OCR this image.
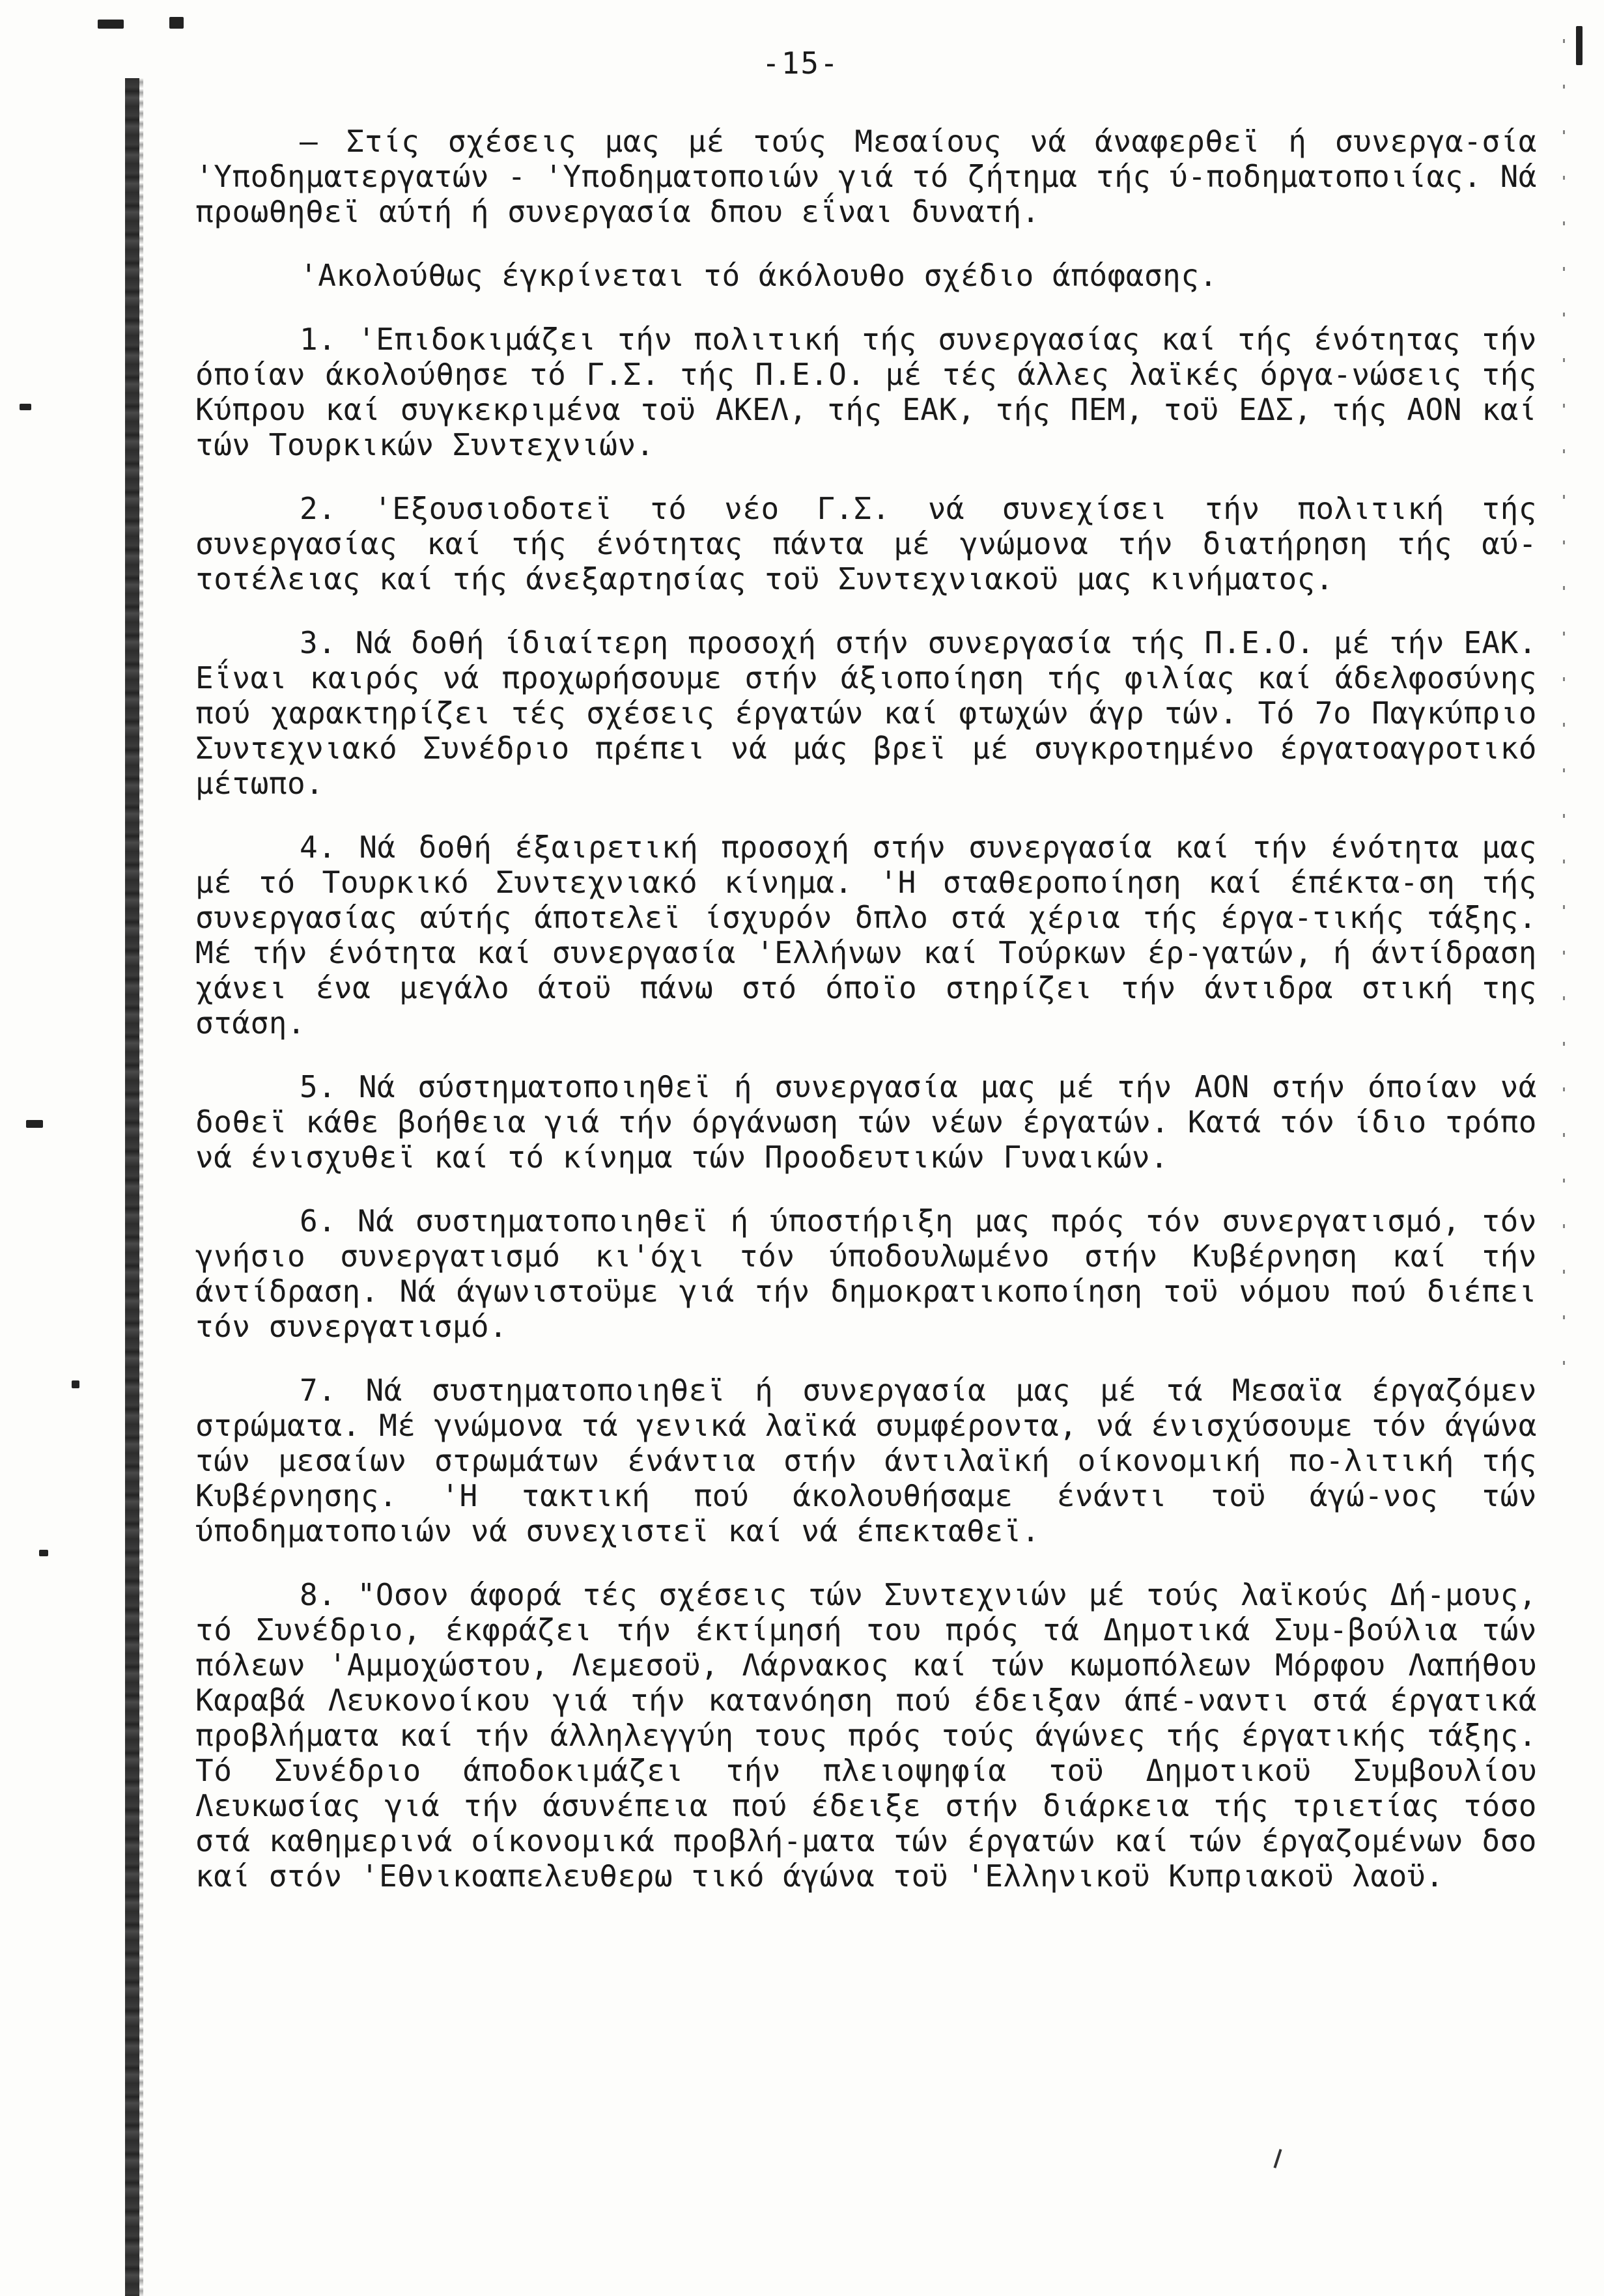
-15-

— Στίς σχέσεις μας μέ τούς Μεσαίους νά άναφερθεϊ ή συνεργα-σία 'Υποδηματεργατών - 'Υποδηματοποιών γιά τό ζήτημα τής ύ-ποδηματοποιίας. Νά προωθηθεϊ αύτή ή συνεργασία δπου εΐναι δυνατή.

'Ακολούθως έγκρίνεται τό άκόλουθο σχέδιο άπόφασης.

1. 'Επιδοκιμάζει τήν πολιτική τής συνεργασίας καί τής ένότητας τήν όποίαν άκολούθησε τό Γ.Σ. τής Π.Ε.Ο. μέ τές άλλες λαϊκές όργα-νώσεις τής Κύπρου καί συγκεκριμένα τοϋ ΑΚΕΛ, τής ΕΑΚ, τής ΠΕΜ, τοϋ ΕΔΣ, τής ΑΟΝ καί τών Τουρκικών Συντεχνιών.

2. 'Εξουσιοδοτεϊ τό νέο Γ.Σ. νά συνεχίσει τήν πολιτική τής συνεργασίας καί τής ένότητας πάντα μέ γνώμονα τήν διατήρηση τής αύ-τοτέλειας καί τής άνεξαρτησίας τοϋ Συντεχνιακοϋ μας κινήματος.

3. Νά δοθή ίδιαίτερη προσοχή στήν συνεργασία τής Π.Ε.Ο. μέ τήν ΕΑΚ. Εΐναι καιρός νά προχωρήσουμε στήν άξιοποίηση τής φιλίας καί άδελφοσύνης πού χαρακτηρίζει τές σχέσεις έργατών καί φτωχών άγρ τών. Τό 7ο Παγκύπριο Συντεχνιακό Συνέδριο πρέπει νά μάς βρεϊ μέ συγκροτημένο έργατοαγροτικό μέτωπο.

4. Νά δοθή έξαιρετική προσοχή στήν συνεργασία καί τήν ένότητα μας μέ τό Τουρκικό Συντεχνιακό κίνημα. 'Η σταθεροποίηση καί έπέκτα-ση τής συνεργασίας αύτής άποτελεϊ ίσχυρόν δπλο στά χέρια τής έργα-τικής τάξης. Μέ τήν ένότητα καί συνεργασία 'Ελλήνων καί Τούρκων έρ-γατών, ή άντίδραση χάνει ένα μεγάλο άτοϋ πάνω στό όποϊο στηρίζει τήν άντιδρα στική της στάση.

5. Νά σύστηματοποιηθεϊ ή συνεργασία μας μέ τήν ΑΟΝ στήν όποίαν νά δοθεϊ κάθε βοήθεια γιά τήν όργάνωση τών νέων έργατών. Κατά τόν ίδιο τρόπο νά ένισχυθεϊ καί τό κίνημα τών Προοδευτικών Γυναικών.

6. Νά συστηματοποιηθεϊ ή ύποστήριξη μας πρός τόν συνεργατισμό, τόν γνήσιο συνεργατισμό κι'όχι τόν ύποδουλωμένο στήν Κυβέρνηση καί τήν άντίδραση. Νά άγωνιστοϋμε γιά τήν δημοκρατικοποίηση τοϋ νόμου πού διέπει τόν συνεργατισμό.

7. Νά συστηματοποιηθεϊ ή συνεργασία μας μέ τά Μεσαϊα έργαζόμεν στρώματα. Μέ γνώμονα τά γενικά λαϊκά συμφέροντα, νά ένισχύσουμε τόν άγώνα τών μεσαίων στρωμάτων ένάντια στήν άντιλαϊκή οίκονομική πο-λιτική τής Κυβέρνησης. 'Η τακτική πού άκολουθήσαμε ένάντι τοϋ άγώ-νος τών ύποδηματοποιών νά συνεχιστεϊ καί νά έπεκταθεϊ.

8. "Οσον άφορά τές σχέσεις τών Συντεχνιών μέ τούς λαϊκούς Δή-μους, τό Συνέδριο, έκφράζει τήν έκτίμησή του πρός τά Δημοτικά Συμ-βούλια τών πόλεων 'Αμμοχώστου, Λεμεσοϋ, Λάρνακος καί τών κωμοπόλεων Μόρφου Λαπήθου Καραβά Λευκονοίκου γιά τήν κατανόηση πού έδειξαν άπέ-ναντι στά έργατικά προβλήματα καί τήν άλληλεγγύη τους πρός τούς άγώνες τής έργατικής τάξης. Τό Συνέδριο άποδοκιμάζει τήν πλειοψηφία τοϋ Δημοτικοϋ Συμβουλίου Λευκωσίας γιά τήν άσυνέπεια πού έδειξε στήν διάρκεια τής τριετίας τόσο στά καθημερινά οίκονομικά προβλή-ματα τών έργατών καί τών έργαζομένων δσο καί στόν 'Εθνικοαπελευθερω τικό άγώνα τοϋ 'Ελληνικοϋ Κυπριακοϋ λαοϋ.
